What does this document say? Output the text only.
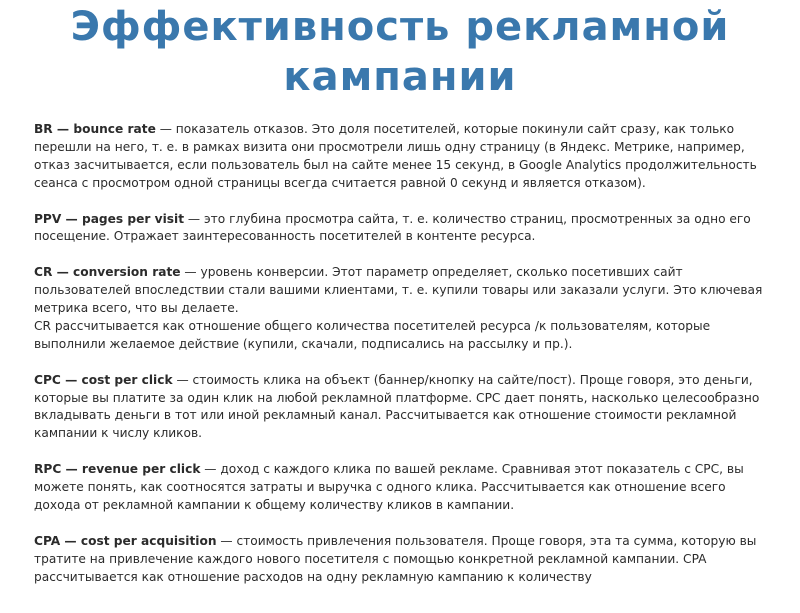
Эффективность рекламной
кампании

BR — bounce rate — показатель отказов. Это доля посетителей, которые покинули сайт сразу, как только перешли на него, т. е. в рамках визита они просмотрели лишь одну страницу (в Яндекс. Метрике, например, отказ засчитывается, если пользователь был на сайте менее 15 секунд, в Google Analytics продолжительность сеанса с просмотром одной страницы всегда считается равной 0 секунд и является отказом).

PPV — pages per visit — это глубина просмотра сайта, т. е. количество страниц, просмотренных за одно его посещение. Отражает заинтересованность посетителей в контенте ресурса.

CR — conversion rate — уровень конверсии. Этот параметр определяет, сколько посетивших сайт пользователей впоследствии стали вашими клиентами, т. е. купили товары или заказали услуги. Это ключевая метрика всего, что вы делаете.

CR рассчитывается как отношение общего количества посетителей ресурса /к пользователям, которые выполнили желаемое действие (купили, скачали, подписались на рассылку и пр.).

CPC — cost per click — стоимость клика на объект (баннер/кнопку на сайте/пост). Проще говоря, это деньги, которые вы платите за один клик на любой рекламной платформе. CPC дает понять, насколько целесообразно вкладывать деньги в тот или иной рекламный канал. Рассчитывается как отношение стоимости рекламной кампании к числу кликов.

RPC — revenue per click — доход с каждого клика по вашей рекламе. Сравнивая этот показатель с CPC, вы можете понять, как соотносятся затраты и выручка с одного клика. Рассчитывается как отношение всего дохода от рекламной кампании к общему количеству кликов в кампании.

CPA — cost per acquisition — стоимость привлечения пользователя. Проще говоря, эта та сумма, которую вы тратите на привлечение каждого нового посетителя с помощью конкретной рекламной кампании. CPA рассчитывается как отношение расходов на одну рекламную кампанию к количеству
